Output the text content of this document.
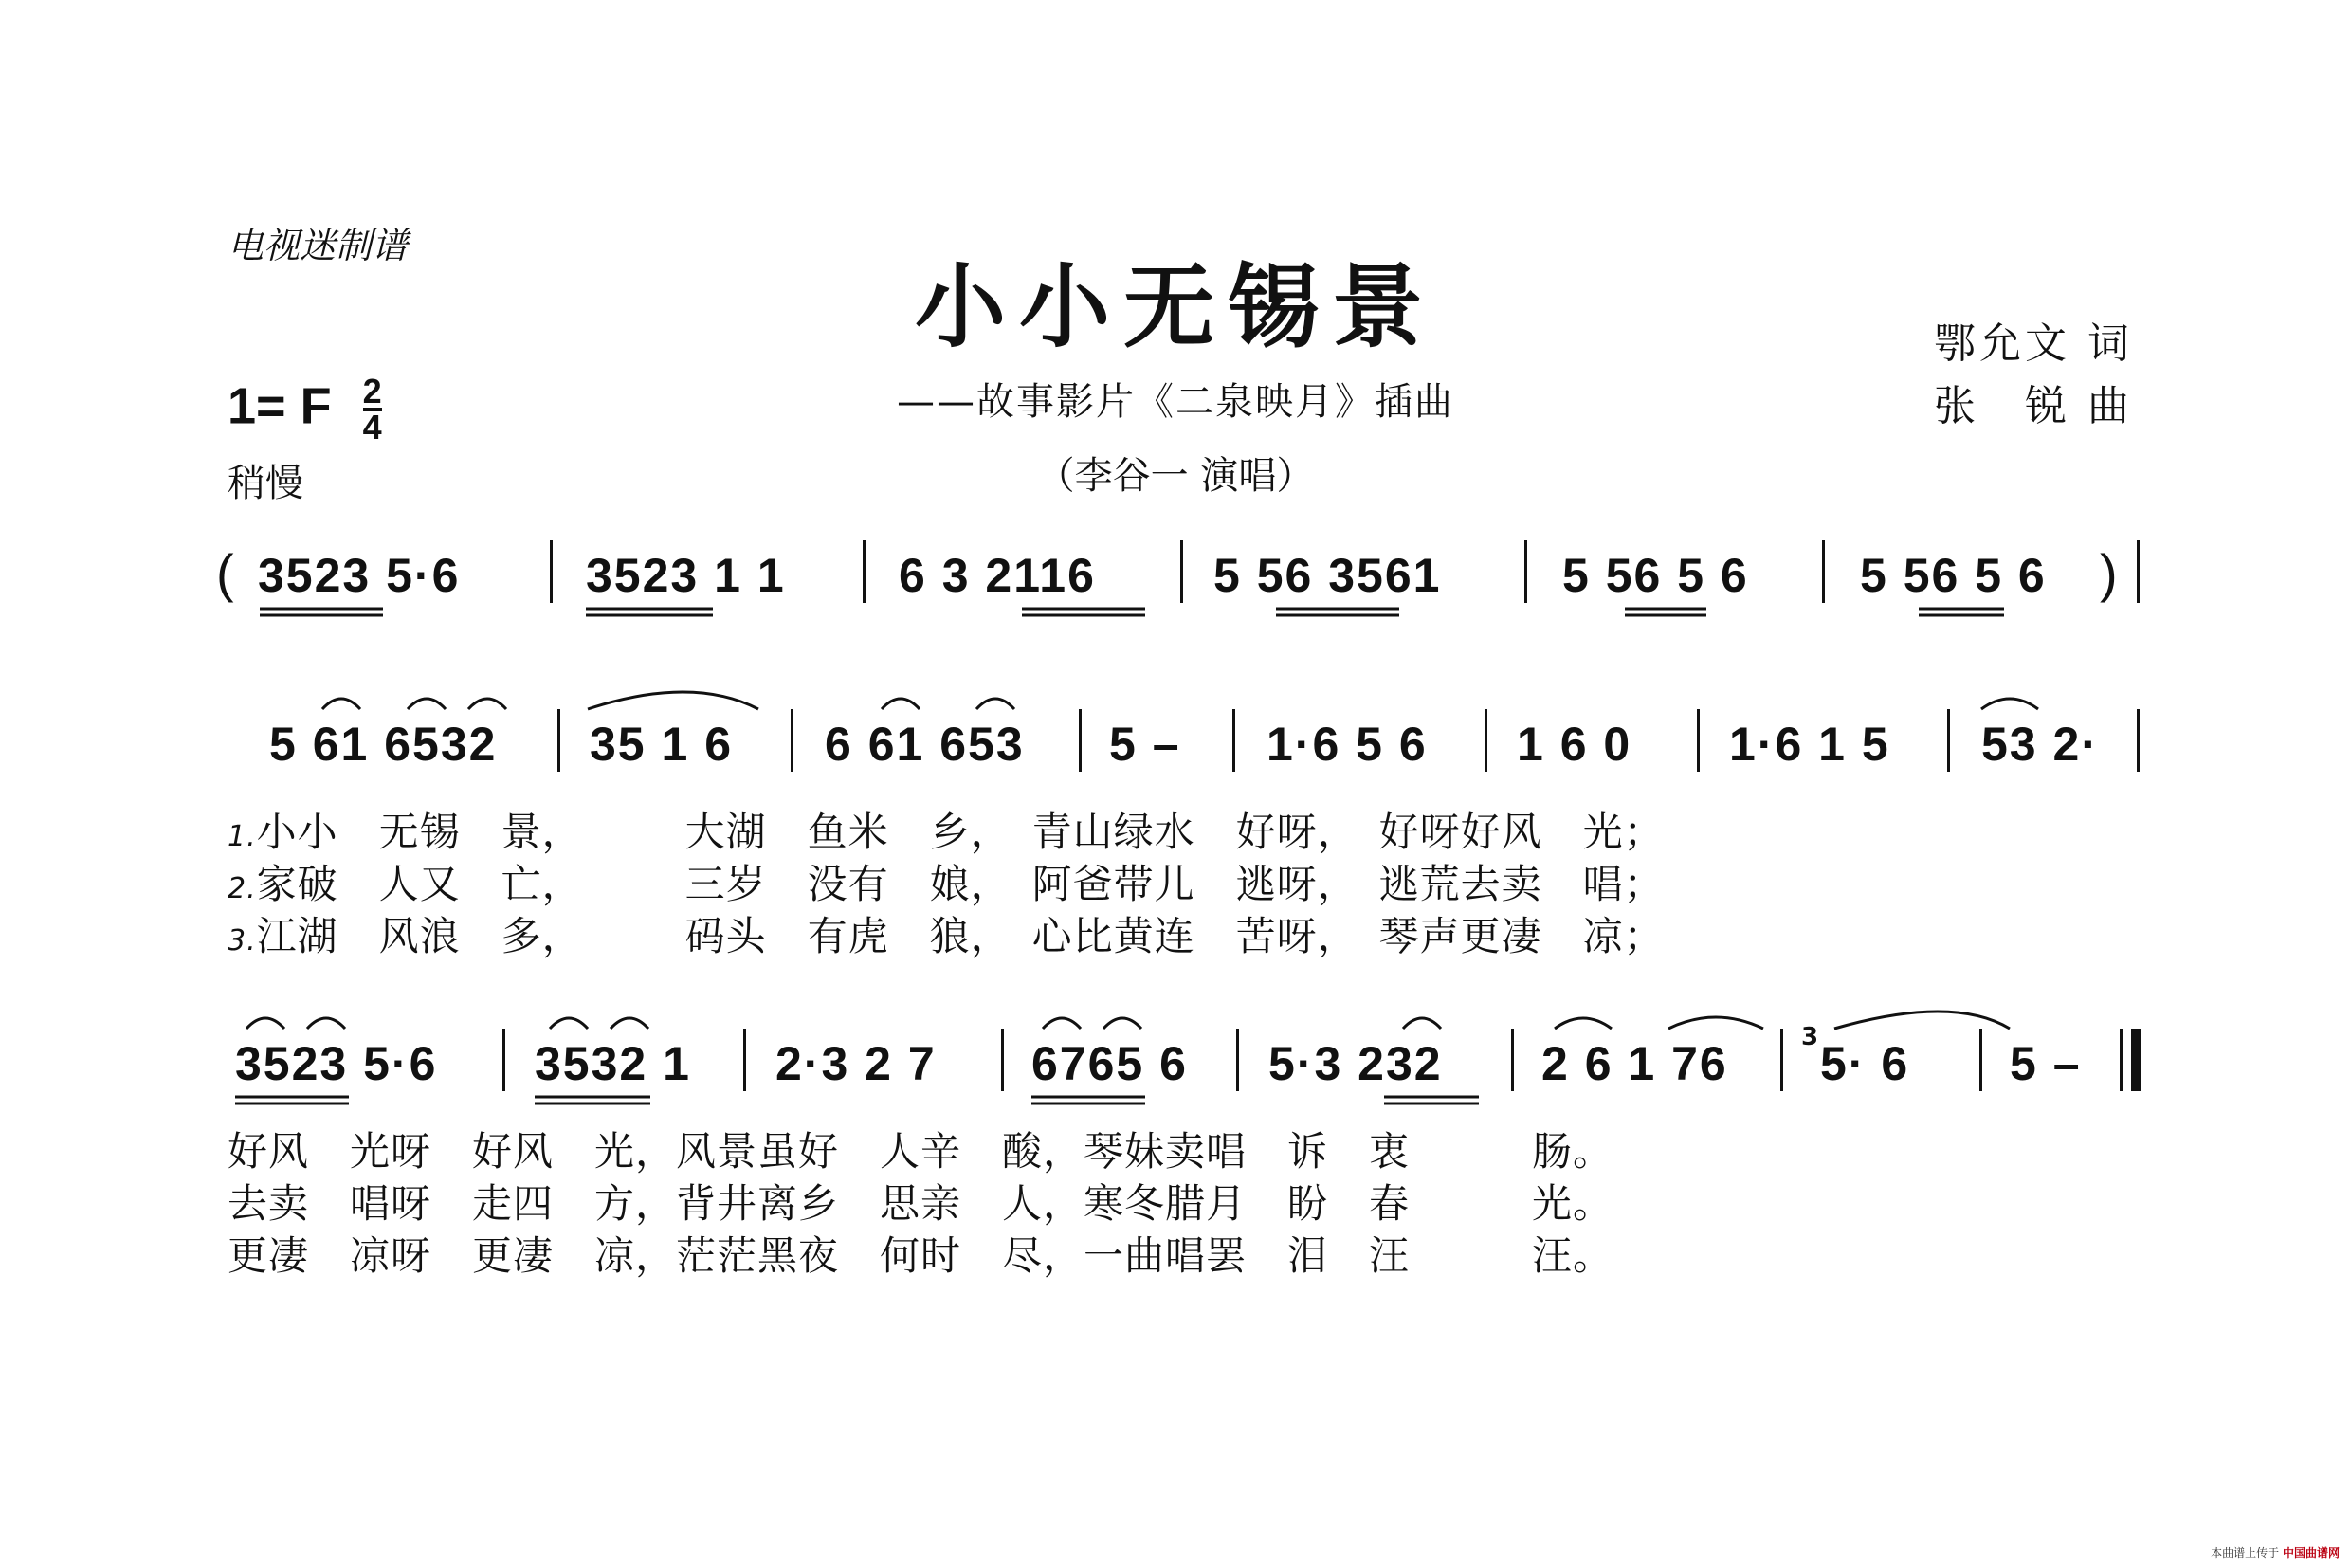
电视迷制谱
小小无锡景
——故事影片《二泉映月》插曲
（李谷一 演唱）
鄂允文 词
张　锐 曲
1= F $\frac{2}{4}$
稍慢
( 3523 5·6	3523 1 1 6 3 2116 5 56 3561	5 56 5 6 5 56 5 6 )
5 61 6532 35 1 6 6 61 653 5 – 1·6 5 6 1 6 0 1·6 1 5 53 2·
1.小小　无锡　景，　　　大湖　鱼米　乡，　青山绿水　好呀，　好呀好风　光；
2.家破　人又　亡，　　　三岁　没有　娘，　阿爸带儿　逃呀，　逃荒去卖　唱；
3.江湖　风浪　多，　　　码头　有虎　狼，　心比黄连　苦呀，　琴声更凄　凉；
3523 5·6 3532 1 2·3 2 7 6765 6 5·3 232 2 6 1 76	3 5· 6 5 –
好风　光呀　好风　光，风景虽好　人辛　酸，琴妹卖唱　诉　衷　　　肠。
去卖　唱呀　走四　方，背井离乡　思亲　人，寒冬腊月　盼　春　　　光。
更凄　凉呀　更凄　凉，茫茫黑夜　何时　尽，一曲唱罢　泪　汪　　　汪。
本曲谱上传于 中国曲谱网
